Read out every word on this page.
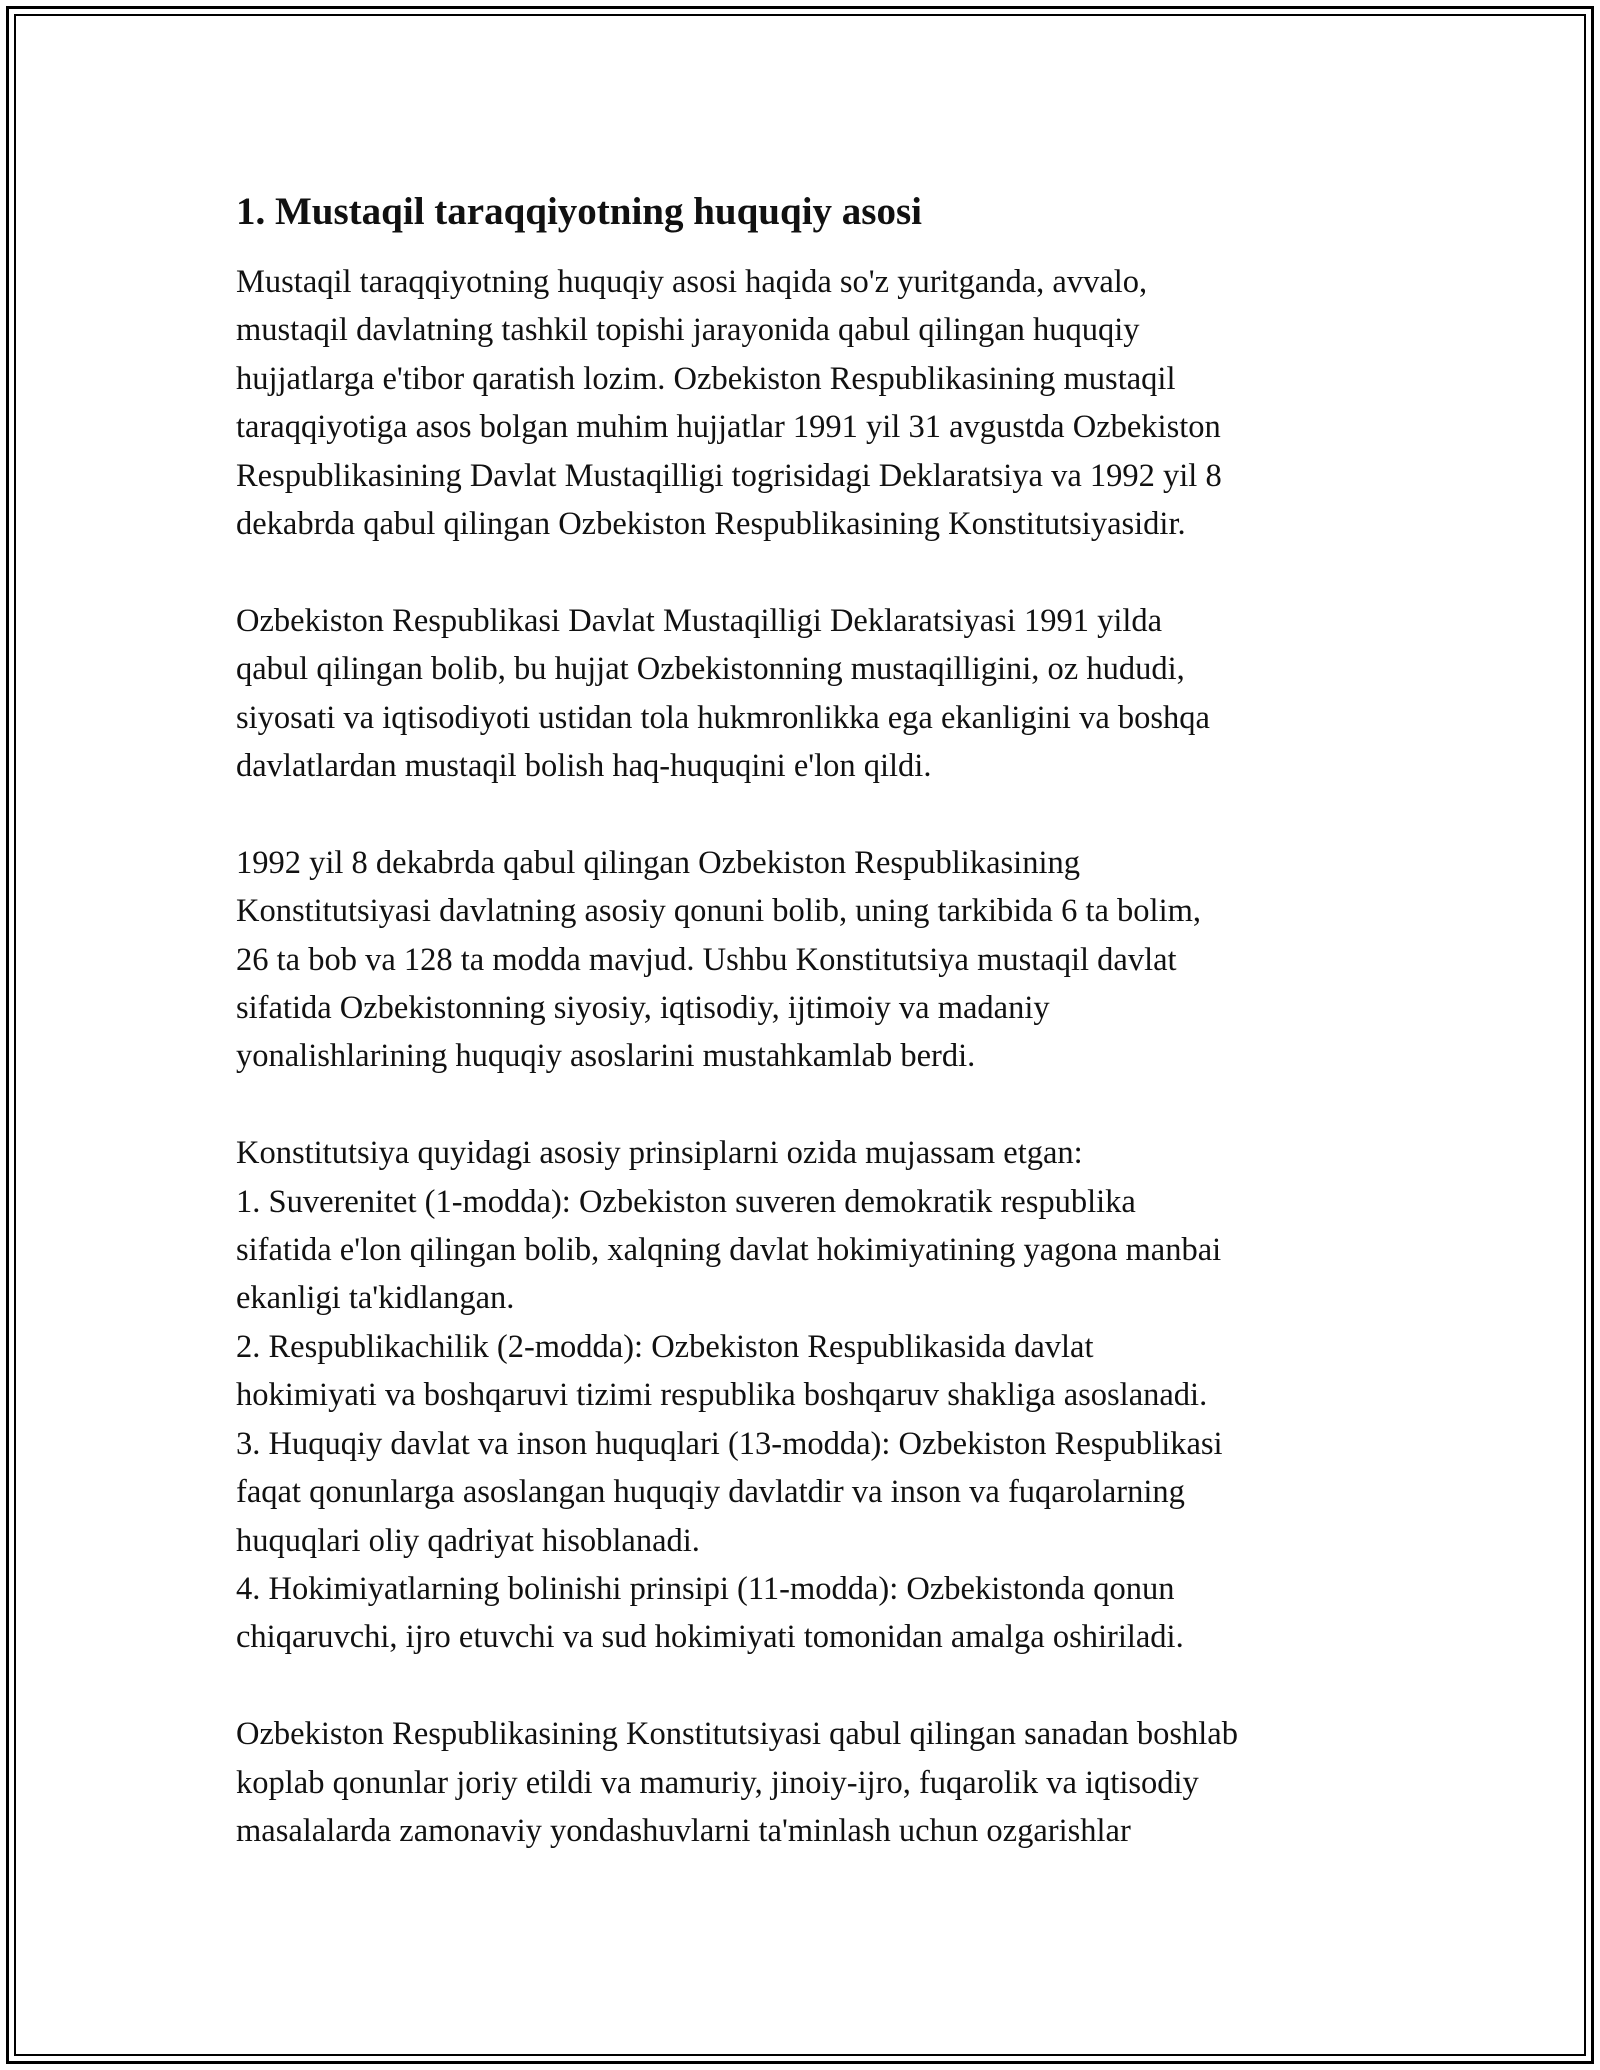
1. Mustaqil taraqqiyotning huquqiy asosi
Mustaqil taraqqiyotning huquqiy asosi haqida so'z yuritganda, avvalo,
mustaqil davlatning tashkil topishi jarayonida qabul qilingan huquqiy
hujjatlarga e'tibor qaratish lozim. Ozbekiston Respublikasining mustaqil
taraqqiyotiga asos bolgan muhim hujjatlar 1991 yil 31 avgustda Ozbekiston
Respublikasining Davlat Mustaqilligi togrisidagi Deklaratsiya va 1992 yil 8
dekabrda qabul qilingan Ozbekiston Respublikasining Konstitutsiyasidir.
Ozbekiston Respublikasi Davlat Mustaqilligi Deklaratsiyasi 1991 yilda
qabul qilingan bolib, bu hujjat Ozbekistonning mustaqilligini, oz hududi,
siyosati va iqtisodiyoti ustidan tola hukmronlikka ega ekanligini va boshqa
davlatlardan mustaqil bolish haq-huquqini e'lon qildi.
1992 yil 8 dekabrda qabul qilingan Ozbekiston Respublikasining
Konstitutsiyasi davlatning asosiy qonuni bolib, uning tarkibida 6 ta bolim,
26 ta bob va 128 ta modda mavjud. Ushbu Konstitutsiya mustaqil davlat
sifatida Ozbekistonning siyosiy, iqtisodiy, ijtimoiy va madaniy
yonalishlarining huquqiy asoslarini mustahkamlab berdi.
Konstitutsiya quyidagi asosiy prinsiplarni ozida mujassam etgan:
1. Suverenitet (1-modda): Ozbekiston suveren demokratik respublika
sifatida e'lon qilingan bolib, xalqning davlat hokimiyatining yagona manbai
ekanligi ta'kidlangan.
2. Respublikachilik (2-modda): Ozbekiston Respublikasida davlat
hokimiyati va boshqaruvi tizimi respublika boshqaruv shakliga asoslanadi.
3. Huquqiy davlat va inson huquqlari (13-modda): Ozbekiston Respublikasi
faqat qonunlarga asoslangan huquqiy davlatdir va inson va fuqarolarning
huquqlari oliy qadriyat hisoblanadi.
4. Hokimiyatlarning bolinishi prinsipi (11-modda): Ozbekistonda qonun
chiqaruvchi, ijro etuvchi va sud hokimiyati tomonidan amalga oshiriladi.
Ozbekiston Respublikasining Konstitutsiyasi qabul qilingan sanadan boshlab
koplab qonunlar joriy etildi va mamuriy, jinoiy-ijro, fuqarolik va iqtisodiy
masalalarda zamonaviy yondashuvlarni ta'minlash uchun ozgarishlar
